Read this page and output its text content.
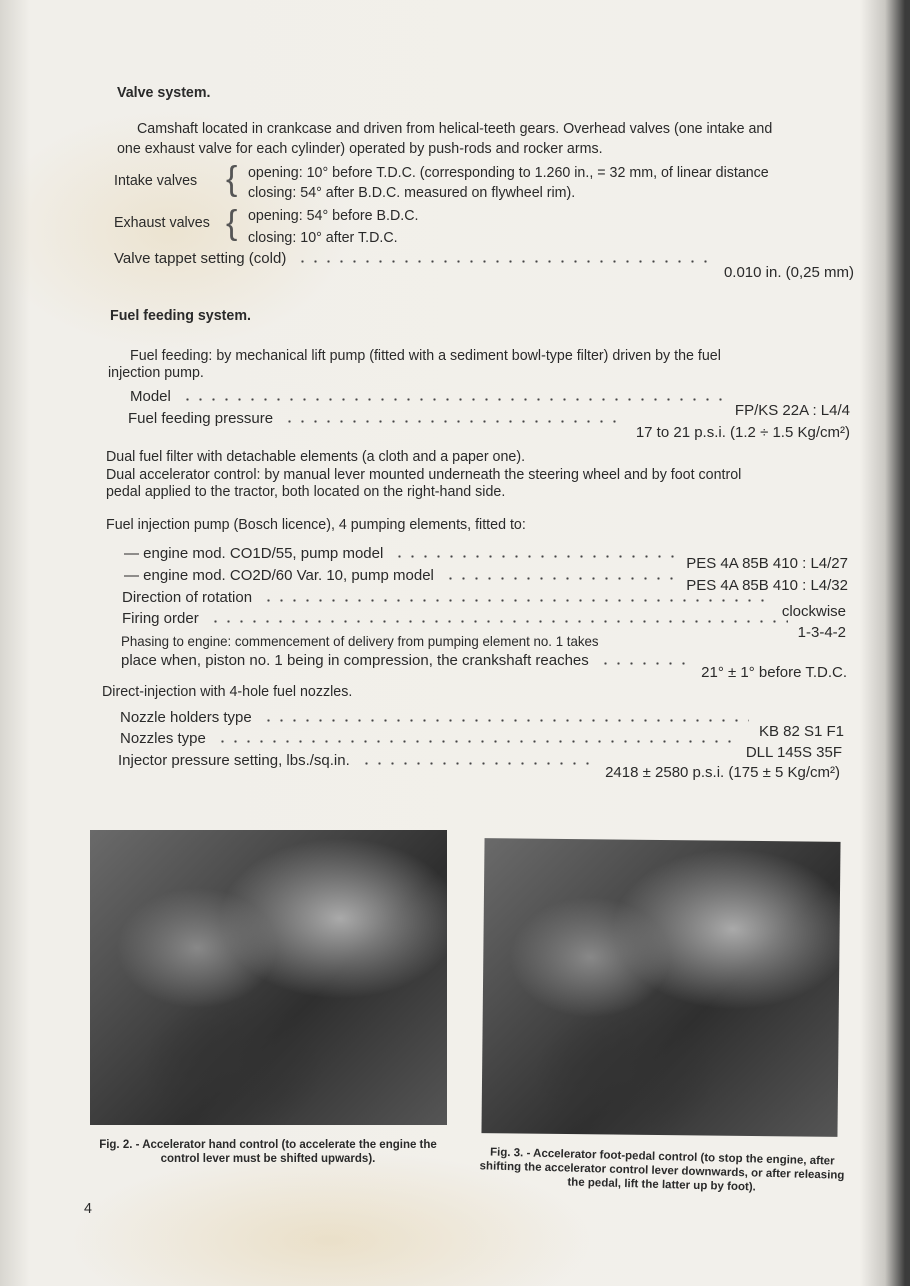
Valve system.
Camshaft located in crankcase and driven from helical-teeth gears. Overhead valves (one intake and
one exhaust valve for each cylinder) operated by push-rods and rocker arms.
Intake valves { opening: 10° before T.D.C. (corresponding to 1.260 in., = 32 mm, of linear distance
closing: 54° after B.D.C. measured on flywheel rim).
Exhaust valves { opening: 54° before B.D.C.
closing: 10° after T.D.C.
Valve tappet setting (cold)
0.010 in. (0,25 mm)
Fuel feeding system.
Fuel feeding: by mechanical lift pump (fitted with a sediment bowl-type filter) driven by the fuel
injection pump.
Model
FP/KS 22A : L4/4
Fuel feeding pressure
17 to 21 p.s.i. (1.2 ÷ 1.5 Kg/cm²)
Dual fuel filter with detachable elements (a cloth and a paper one).
Dual accelerator control: by manual lever mounted underneath the steering wheel and by foot control
pedal applied to the tractor, both located on the right-hand side.
Fuel injection pump (Bosch licence), 4 pumping elements, fitted to:
— engine mod. CO1D/55, pump model
PES 4A 85B 410 : L4/27
— engine mod. CO2D/60 Var. 10, pump model
PES 4A 85B 410 : L4/32
Direction of rotation
clockwise
Firing order
1-3-4-2
Phasing to engine: commencement of delivery from pumping element no. 1 takes
place when, piston no. 1 being in compression, the crankshaft reaches
21° ± 1° before T.D.C.
Direct-injection with 4-hole fuel nozzles.
Nozzle holders type
KB 82 S1 F1
Nozzles type
DLL 145S 35F
Injector pressure setting, lbs./sq.in.
2418 ± 2580 p.s.i. (175 ± 5 Kg/cm²)
Fig. 2. - Accelerator hand control (to accelerate the engine the control lever must be shifted upwards).	Fig. 3. - Accelerator foot-pedal control (to stop the engine, after shifting the accelerator control lever downwards, or after releasing the pedal, lift the latter up by foot).
4
